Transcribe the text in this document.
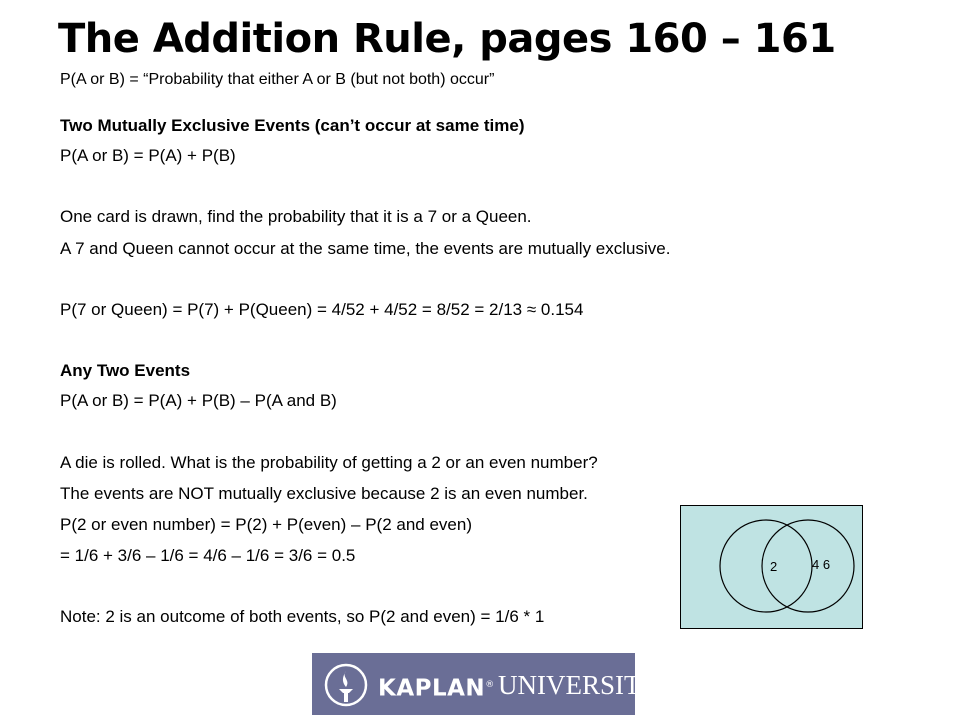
The Addition Rule, pages 160 – 161
P(A or B) = “Probability that either A or B (but not both) occur”
Two Mutually Exclusive Events (can’t occur at same time)
P(A or B) = P(A) + P(B)
One card is drawn, find the probability that it is a 7 or a Queen.
A 7 and Queen cannot occur at the same time, the events are mutually exclusive.
P(7 or Queen) = P(7) + P(Queen) = 4/52 + 4/52 = 8/52 = 2/13 ≈ 0.154
Any Two Events
P(A or B) = P(A) + P(B) – P(A and B)
A die is rolled. What is the probability of getting a 2 or an even number?
The events are NOT mutually exclusive because 2 is an even number.
P(2 or even number) = P(2) + P(even) – P(2 and even)
= 1/6 + 3/6 – 1/6 = 4/6 – 1/6 = 3/6 = 0.5
Note: 2 is an outcome of both events, so P(2 and even) = 1/6 * 1
2	4 6
KAPLAN® UNIVERSITY
